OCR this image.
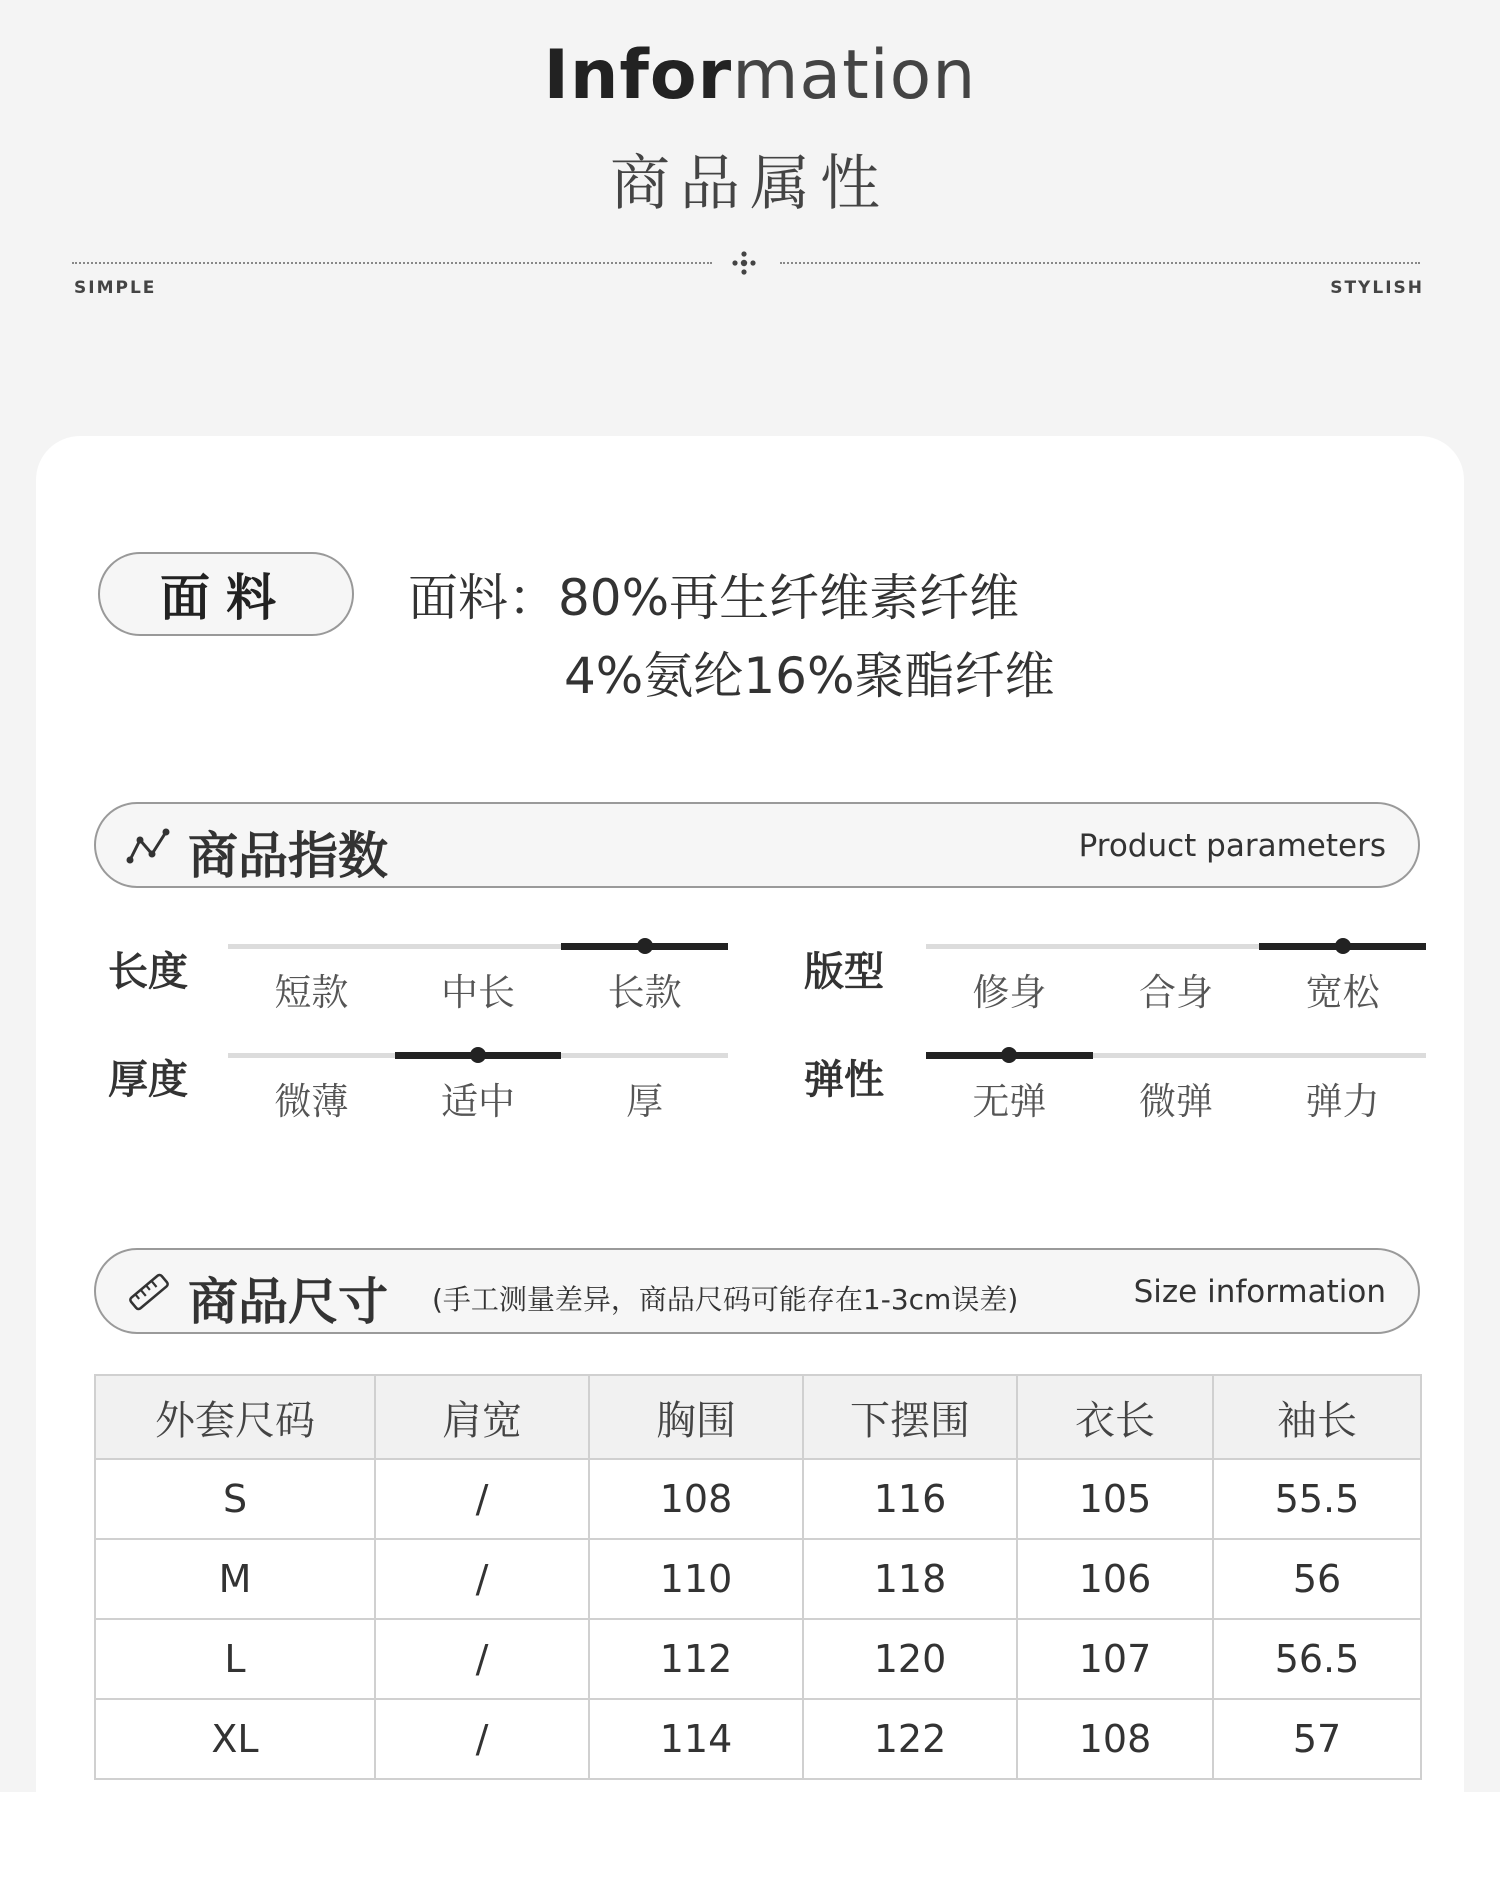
Information
商品属性
SIMPLE	STYLISH
面料	面料：80%再生纤维素纤维
4%氨纶16%聚酯纤维
商品指数	Product parameters
长度	短款	中长	长款	版型	修身	合身	宽松
厚度	微薄	适中	厚	弹性	无弹	微弹	弹力
商品尺寸 (手工测量差异，商品尺码可能存在1-3cm误差)	Size information
外套尺码	肩宽	胸围	下摆围	衣长	袖长
S	/	108	116	105	55.5
M	/	110	118	106	56
L	/	112	120	107	56.5
XL	/	114	122	108	57
